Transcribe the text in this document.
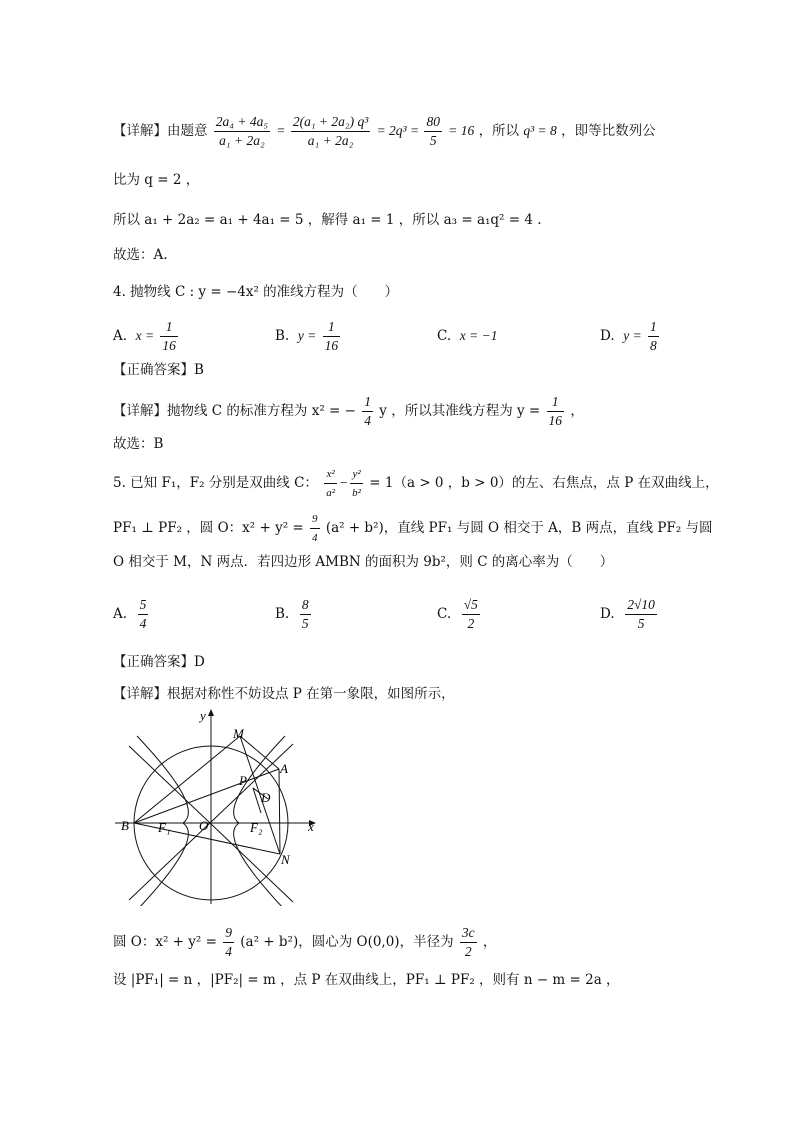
【详解】由题意 $\frac{\text{2a₄ + 4a₅}}{\text{a₁ + 2a₂}} = \frac{\text{2(a₁ + 2a₂) q³}}{\text{a₁ + 2a₂}} = 2q^3 = \frac{80}{5} = 16$ ，所以 q³ = 8 ，即等比数列公
比为 q = 2 ，
所以 a₁ + 2a₂ = a₁ + 4a₁ = 5 ，解得 a₁ = 1 ，所以 a₃ = a₁q² = 4 .
故选：A.
4. 抛物线 C : y = −4x² 的准线方程为（　　）
A. $x = \frac{1}{16}$	B. $y = \frac{1}{16}$	C. x = −1	D. $y = \frac{1}{8}$
【正确答案】B
【详解】抛物线 C 的标准方程为 x² = − $\frac{1}{4}$ y ，所以其准线方程为 $y = \frac{1}{16}$ ，
故选：B
5. 已知 F₁，F₂ 分别是双曲线 C： $\frac{\text{x²}}{\text{a²}} - \frac{\text{y²}}{\text{b²}} = 1(a > 0$ ，b > 0）的左、右焦点，点 P 在双曲线上，
PF₁ ⊥ PF₂ ，圆 O：$x^2 + y^2 = \frac{9}{4} (a^2 + b^2)$，直线 PF₁ 与圆 O 相交于 A，B 两点，直线 PF₂ 与圆
O 相交于 M，N 两点．若四边形 AMBN 的面积为 9b²，则 C 的离心率为（　　）
A. $\frac{5}{4}$	B. $\frac{8}{5}$	C. $\frac{√5}{2}$	D. $\frac{2√10}{5}$
【正确答案】D
【详解】根据对称性不妨设点 P 在第一象限，如图所示，
y
x
M
A
P
D
B F₁ O	F₂
N
圆 O：$x^2 + y^2 = \frac{9}{4} (a^2 + b^2)$，圆心为 O(0,0)，半径为 $\frac{3c}{2}$ ，
设 |PF₁| = n ，|PF₂| = m ，点 P 在双曲线上，PF₁ ⊥ PF₂ ，则有 n − m = 2a ，
